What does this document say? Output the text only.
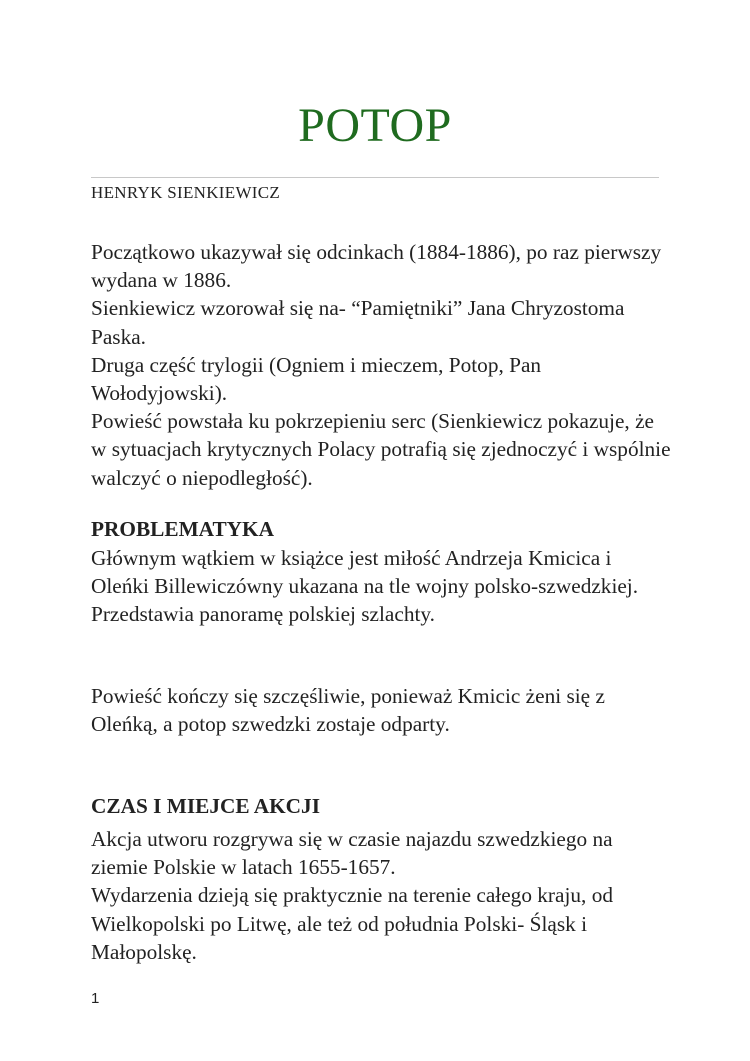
POTOP
HENRYK SIENKIEWICZ

Początkowo ukazywał się odcinkach (1884-1886), po raz pierwszy wydana w 1886.

Sienkiewicz wzorował się na- “Pamiętniki” Jana Chryzostoma Paska.

Druga część trylogii (Ogniem i mieczem, Potop, Pan Wołodyjowski).

Powieść powstała ku pokrzepieniu serc (Sienkiewicz pokazuje, że w sytuacjach krytycznych Polacy potrafią się zjednoczyć i wspólnie walczyć o niepodległość).

PROBLEMATYKA

Głównym wątkiem w książce jest miłość Andrzeja Kmicica i Oleńki Billewiczówny ukazana na tle wojny polsko-szwedzkiej.

Przedstawia panoramę polskiej szlachty.

Powieść kończy się szczęśliwie, ponieważ Kmicic żeni się z Oleńką, a potop szwedzki zostaje odparty.

CZAS I MIEJCE AKCJI

Akcja utworu rozgrywa się w czasie najazdu szwedzkiego na ziemie Polskie w latach 1655-1657.

Wydarzenia dzieją się praktycznie na terenie całego kraju, od Wielkopolski po Litwę, ale też od południa Polski- Śląsk i Małopolskę.

1
